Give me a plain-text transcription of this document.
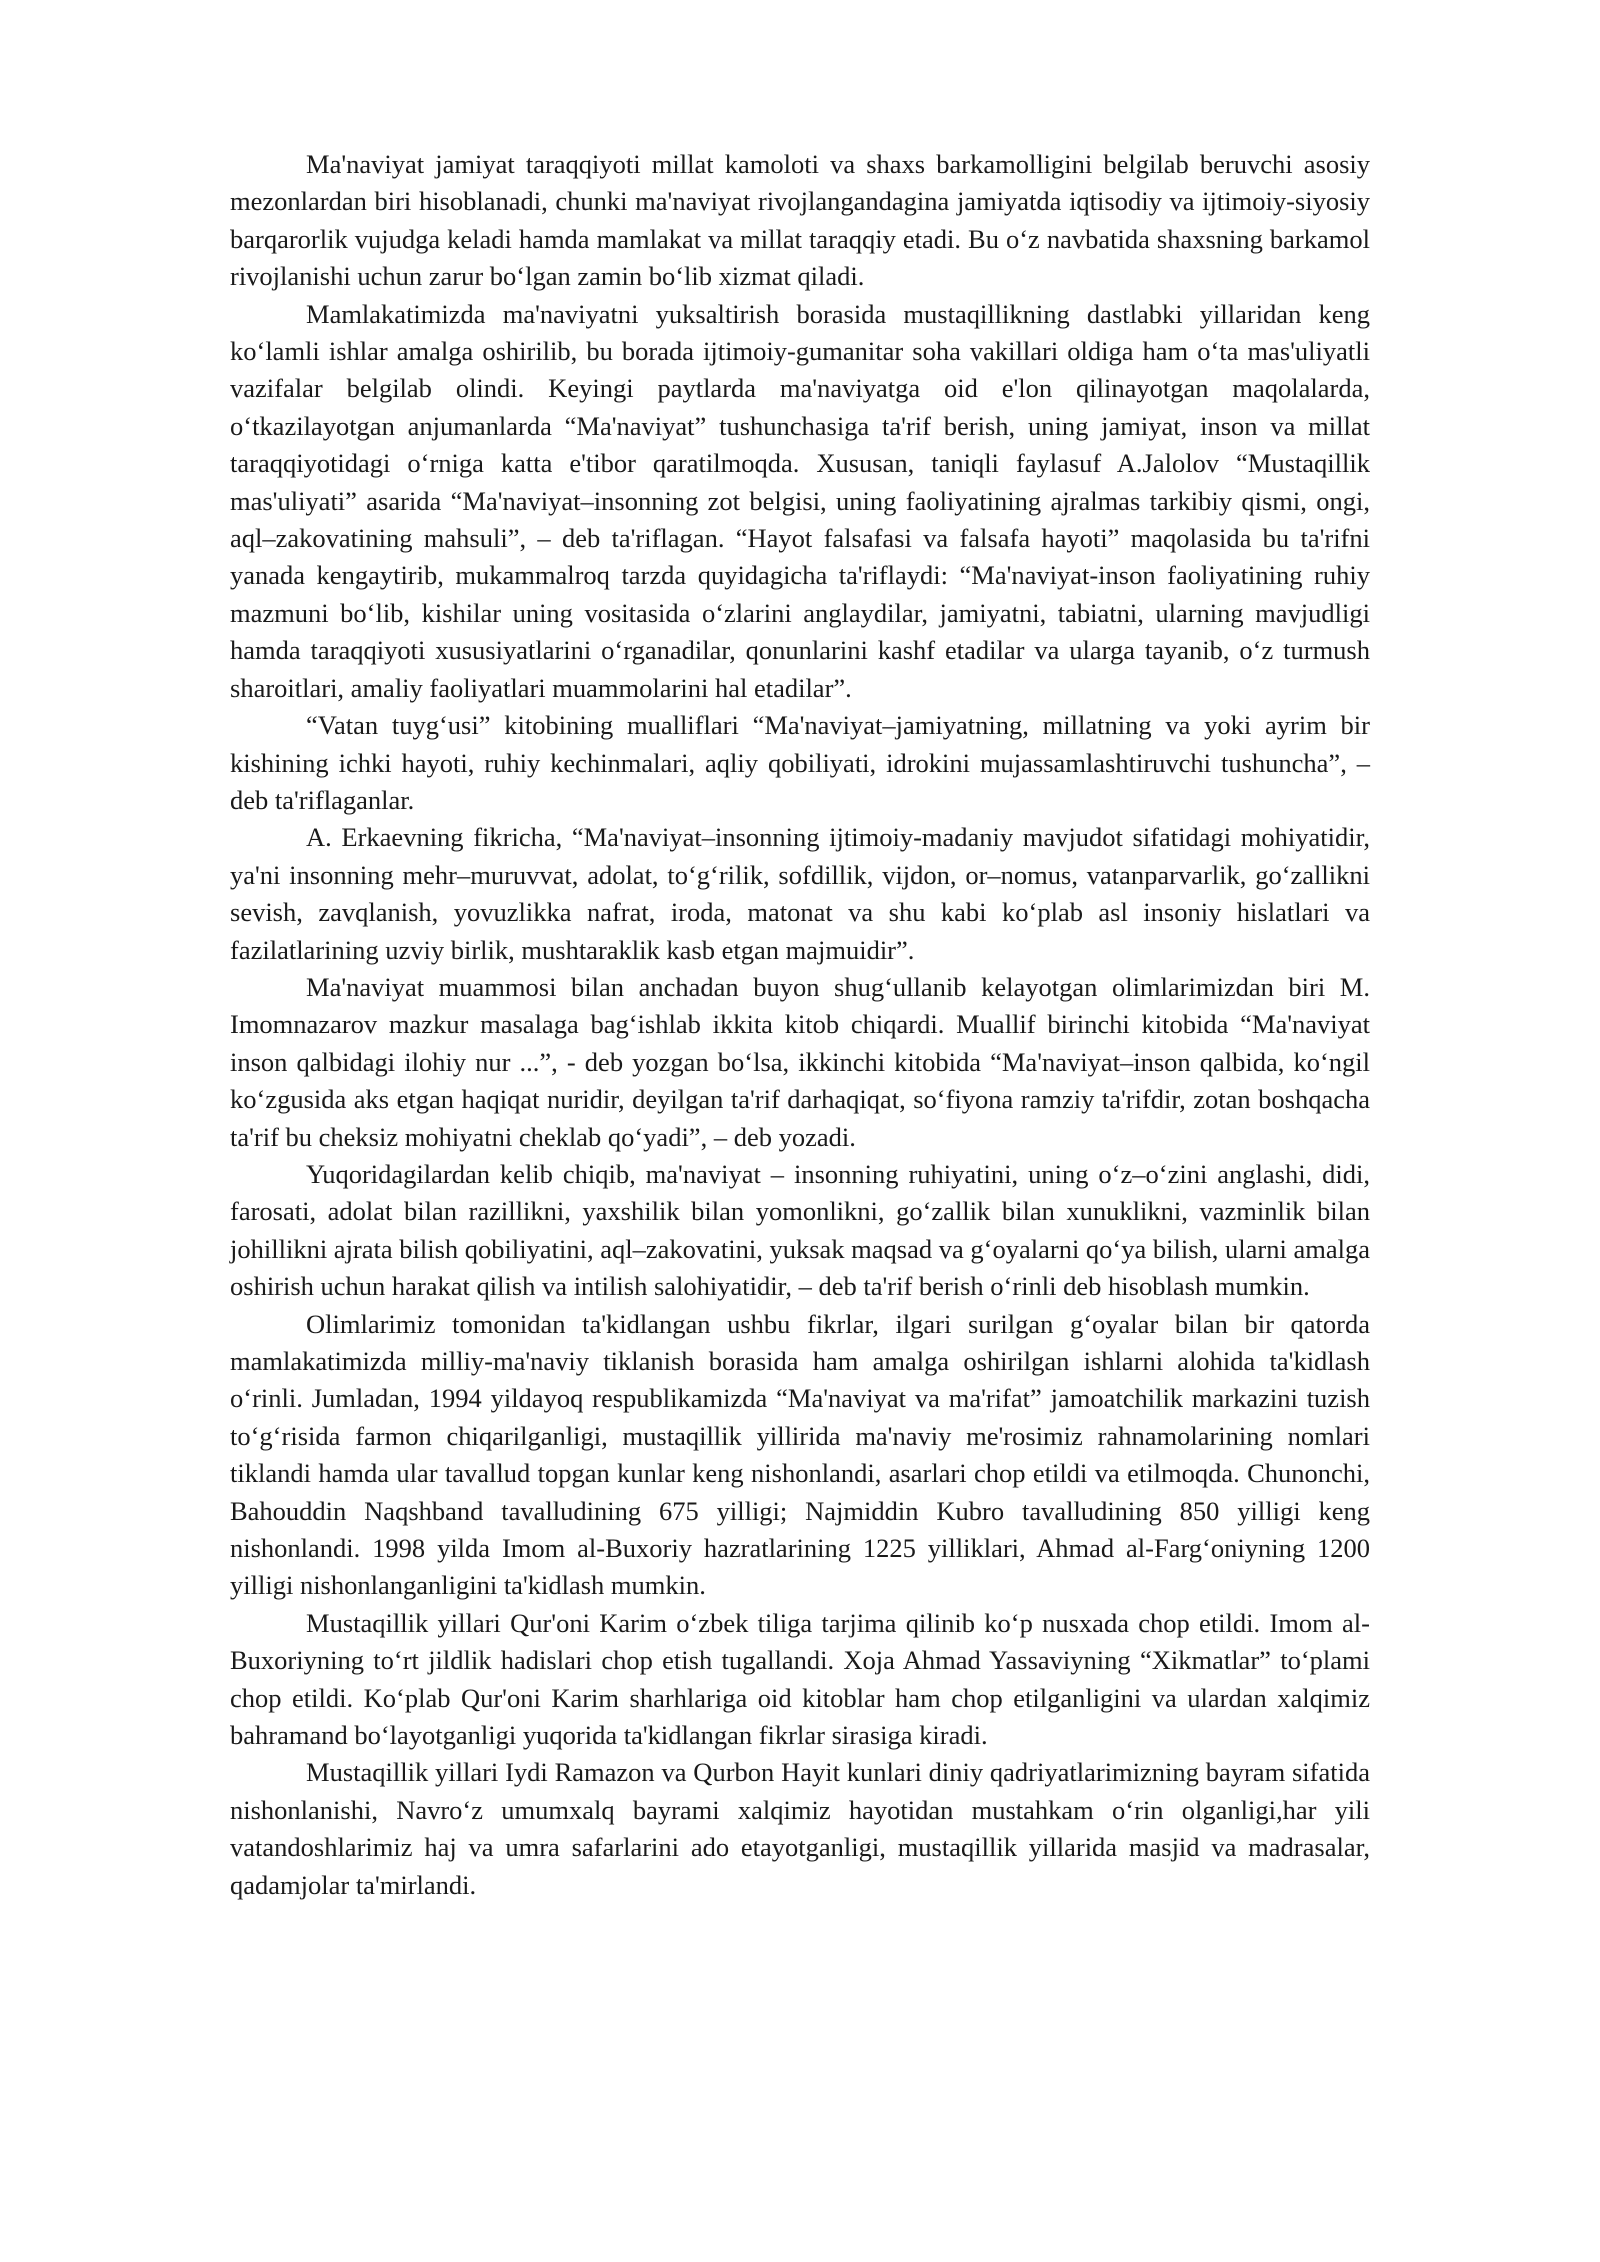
Ma'naviyat jamiyat taraqqiyoti millat kamoloti va shaxs barkamolligini belgilab beruvchi asosiy mezonlardan biri hisoblanadi, chunki ma'naviyat rivojlangandagina jamiyatda iqtisodiy va ijtimoiy-siyosiy barqarorlik vujudga keladi hamda mamlakat va millat taraqqiy etadi. Bu o‘z navbatida shaxsning barkamol rivojlanishi uchun zarur bo‘lgan zamin bo‘lib xizmat qiladi.

Mamlakatimizda ma'naviyatni yuksaltirish borasida mustaqillikning dastlabki yillaridan keng ko‘lamli ishlar amalga oshirilib, bu borada ijtimoiy-gumanitar soha vakillari oldiga ham o‘ta mas'uliyatli vazifalar belgilab olindi. Keyingi paytlarda ma'naviyatga oid e'lon qilinayotgan maqolalarda, o‘tkazilayotgan anjumanlarda “Ma'naviyat” tushunchasiga ta'rif berish, uning jamiyat, inson va millat taraqqiyotidagi o‘rniga katta e'tibor qaratilmoqda. Xususan, taniqli faylasuf A.Jalolov “Mustaqillik mas'uliyati” asarida “Ma'naviyat–insonning zot belgisi, uning faoliyatining ajralmas tarkibiy qismi, ongi, aql–zakovatining mahsuli”, – deb ta'riflagan. “Hayot falsafasi va falsafa hayoti” maqolasida bu ta'rifni yanada kengaytirib, mukammalroq tarzda quyidagicha ta'riflaydi: “Ma'naviyat-inson faoliyatining ruhiy mazmuni bo‘lib, kishilar uning vositasida o‘zlarini anglaydilar, jamiyatni, tabiatni, ularning mavjudligi hamda taraqqiyoti xususiyatlarini o‘rganadilar, qonunlarini kashf etadilar va ularga tayanib, o‘z turmush sharoitlari, amaliy faoliyatlari muammolarini hal etadilar”.

“Vatan tuyg‘usi” kitobining mualliflari “Ma'naviyat–jamiyatning, millatning va yoki ayrim bir kishining ichki hayoti, ruhiy kechinmalari, aqliy qobiliyati, idrokini mujassamlashtiruvchi tushuncha”, – deb ta'riflaganlar.

A. Erkaevning fikricha, “Ma'naviyat–insonning ijtimoiy-madaniy mavjudot sifatidagi mohiyatidir, ya'ni insonning mehr–muruvvat, adolat, to‘g‘rilik, sofdillik, vijdon, or–nomus, vatanparvarlik, go‘zallikni sevish, zavqlanish, yovuzlikka nafrat, iroda, matonat va shu kabi ko‘plab asl insoniy hislatlari va fazilatlarining uzviy birlik, mushtaraklik kasb etgan majmuidir”.

Ma'naviyat muammosi bilan anchadan buyon shug‘ullanib kelayotgan olimlarimizdan biri M. Imomnazarov mazkur masalaga bag‘ishlab ikkita kitob chiqardi. Muallif birinchi kitobida “Ma'naviyat inson qalbidagi ilohiy nur ...”, - deb yozgan bo‘lsa, ikkinchi kitobida “Ma'naviyat–inson qalbida, ko‘ngil ko‘zgusida aks etgan haqiqat nuridir, deyilgan ta'rif darhaqiqat, so‘fiyona ramziy ta'rifdir, zotan boshqacha ta'rif bu cheksiz mohiyatni cheklab qo‘yadi”, – deb yozadi.

Yuqoridagilardan kelib chiqib, ma'naviyat – insonning ruhiyatini, uning o‘z–o‘zini anglashi, didi, farosati, adolat bilan razillikni, yaxshilik bilan yomonlikni, go‘zallik bilan xunuklikni, vazminlik bilan johillikni ajrata bilish qobiliyatini, aql–zakovatini, yuksak maqsad va g‘oyalarni qo‘ya bilish, ularni amalga oshirish uchun harakat qilish va intilish salohiyatidir, – deb ta'rif berish o‘rinli deb hisoblash mumkin.

Olimlarimiz tomonidan ta'kidlangan ushbu fikrlar, ilgari surilgan g‘oyalar bilan bir qatorda mamlakatimizda milliy-ma'naviy tiklanish borasida ham amalga oshirilgan ishlarni alohida ta'kidlash o‘rinli. Jumladan, 1994 yildayoq respublikamizda “Ma'naviyat va ma'rifat” jamoatchilik markazini tuzish to‘g‘risida farmon chiqarilganligi, mustaqillik yillirida ma'naviy me'rosimiz rahnamolarining nomlari tiklandi hamda ular tavallud topgan kunlar keng nishonlandi, asarlari chop etildi va etilmoqda. Chunonchi, Bahouddin Naqshband tavalludining 675 yilligi; Najmiddin Kubro tavalludining 850 yilligi keng nishonlandi. 1998 yilda Imom al-Buxoriy hazratlarining 1225 yilliklari, Ahmad al-Farg‘oniyning 1200 yilligi nishonlanganligini ta'kidlash mumkin.

Mustaqillik yillari Qur'oni Karim o‘zbek tiliga tarjima qilinib ko‘p nusxada chop etildi. Imom al-Buxoriyning to‘rt jildlik hadislari chop etish tugallandi. Xoja Ahmad Yassaviyning “Xikmatlar” to‘plami chop etildi. Ko‘plab Qur'oni Karim sharhlariga oid kitoblar ham chop etilganligini va ulardan xalqimiz bahramand bo‘layotganligi yuqorida ta'kidlangan fikrlar sirasiga kiradi.

Mustaqillik yillari Iydi Ramazon va Qurbon Hayit kunlari diniy qadriyatlarimizning bayram sifatida nishonlanishi, Navro‘z umumxalq bayrami xalqimiz hayotidan mustahkam o‘rin olganligi,har yili vatandoshlarimiz haj va umra safarlarini ado etayotganligi, mustaqillik yillarida masjid va madrasalar, qadamjolar ta'mirlandi.
